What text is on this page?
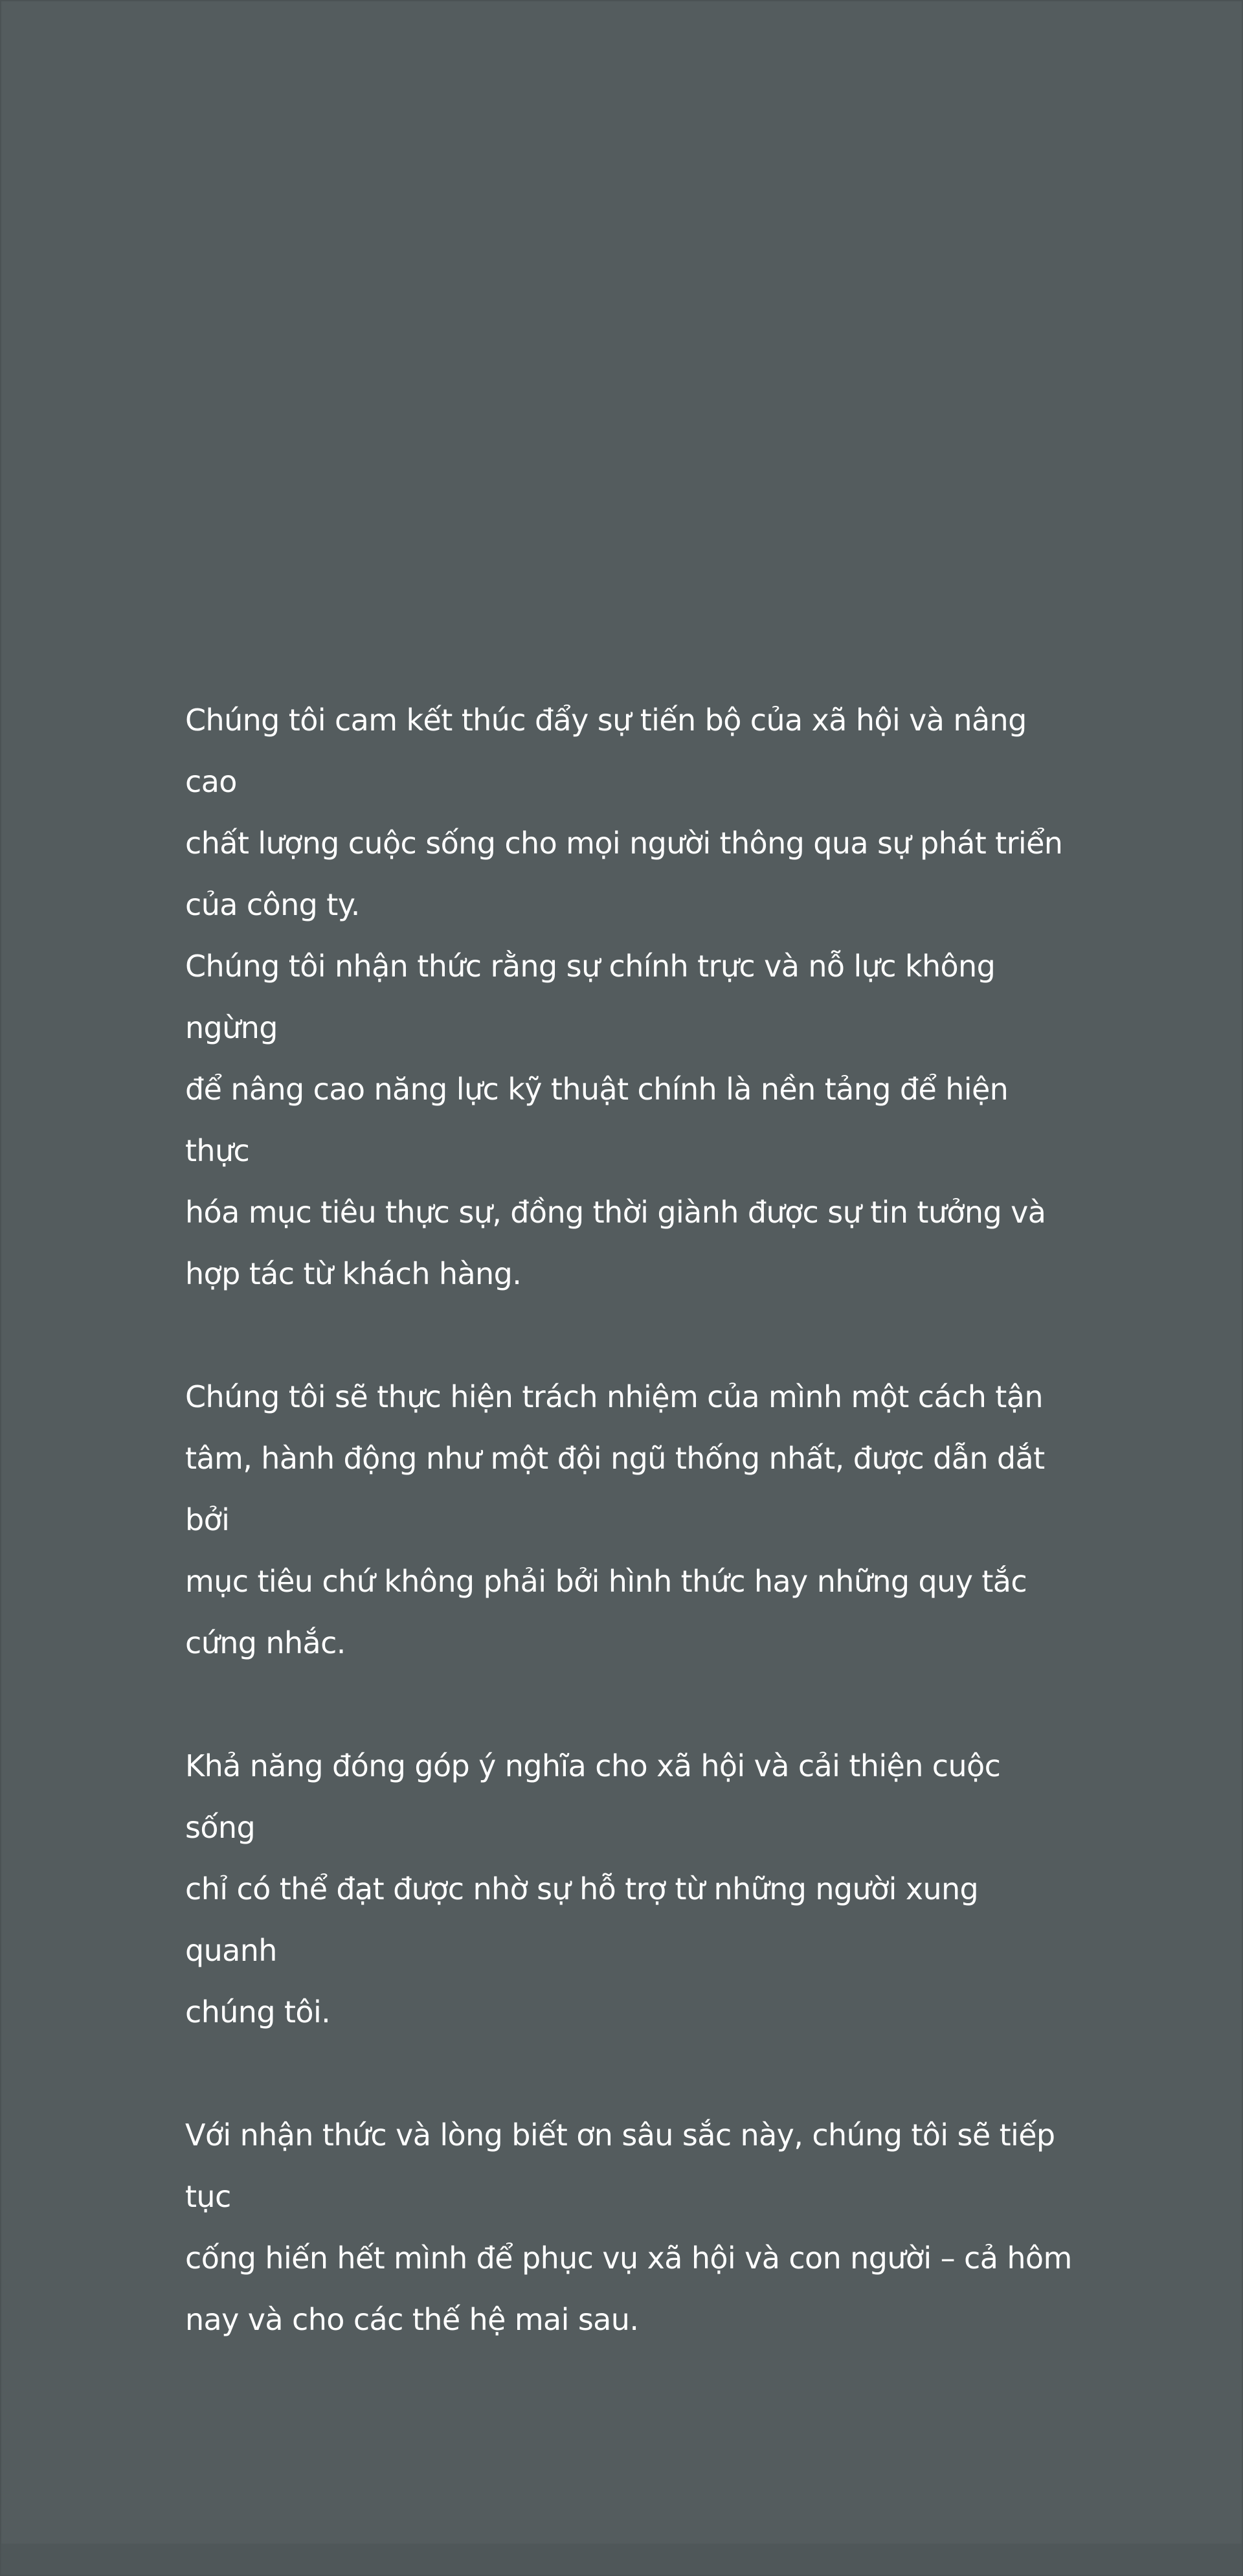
Chúng tôi cam kết thúc đẩy sự tiến bộ của xã hội và nâng cao
chất lượng cuộc sống cho mọi người thông qua sự phát triển
của công ty.
Chúng tôi nhận thức rằng sự chính trực và nỗ lực không ngừng
để nâng cao năng lực kỹ thuật chính là nền tảng để hiện thực
hóa mục tiêu thực sự, đồng thời giành được sự tin tưởng và
hợp tác từ khách hàng.

Chúng tôi sẽ thực hiện trách nhiệm của mình một cách tận
tâm, hành động như một đội ngũ thống nhất, được dẫn dắt bởi
mục tiêu chứ không phải bởi hình thức hay những quy tắc
cứng nhắc.

Khả năng đóng góp ý nghĩa cho xã hội và cải thiện cuộc sống
chỉ có thể đạt được nhờ sự hỗ trợ từ những người xung quanh
chúng tôi.

Với nhận thức và lòng biết ơn sâu sắc này, chúng tôi sẽ tiếp tục
cống hiến hết mình để phục vụ xã hội và con người – cả hôm
nay và cho các thế hệ mai sau.
